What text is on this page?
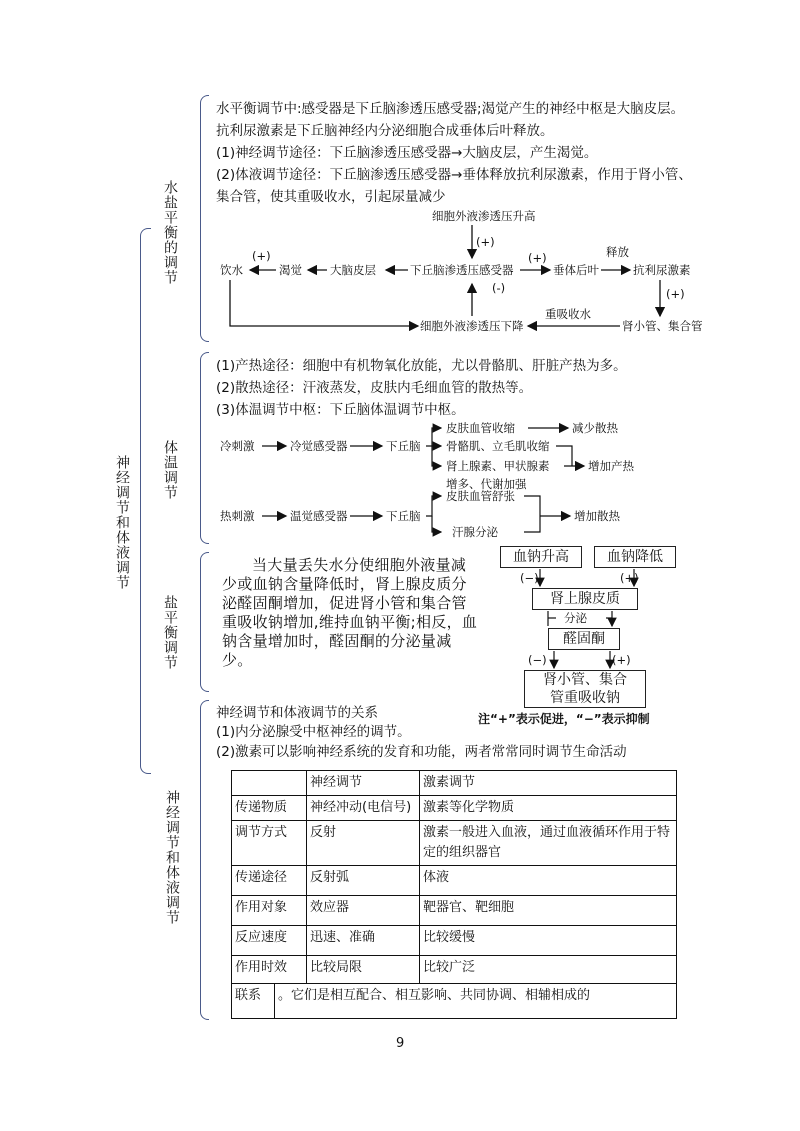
神经调节和体液调节
水盐平衡的调节
体温调节
盐平衡调节
神经调节和体液调节
水平衡调节中:感受器是下丘脑渗透压感受器;渴觉产生的神经中枢是大脑皮层。
抗利尿激素是下丘脑神经内分泌细胞合成垂体后叶释放。
(1)神经调节途径：下丘脑渗透压感受器→大脑皮层，产生渴觉。
(2)体液调节途径：下丘脑渗透压感受器→垂体释放抗利尿激素，作用于肾小管、
集合管，使其重吸收水，引起尿量减少
细胞外液渗透压升高
(+)
饮水
(+)
渴觉 大脑皮层	下丘脑渗透压感受器
(+)
垂体后叶
释放
抗利尿激素
(+)
重吸收水
(-)
肾小管、集合管
细胞外液渗透压下降
(1)产热途径：细胞中有机物氧化放能，尤以骨骼肌、肝脏产热为多。
(2)散热途径：汗液蒸发，皮肤内毛细血管的散热等。
(3)体温调节中枢：下丘脑体温调节中枢。
冷刺激	冷觉感受器	下丘脑
皮肤血管收缩	减少散热
骨骼肌、立毛肌收缩
肾上腺素、甲状腺素
增多、代谢加强
增加产热
热刺激	温觉感受器	下丘脑
皮肤血管舒张
汗腺分泌
增加散热
当大量丢失水分使细胞外液量减少或血钠含量降低时，肾上腺皮质分泌醛固酮增加，促进肾小管和集合管重吸收钠增加,维持血钠平衡;相反，血钠含量增加时，醛固酮的分泌量减少。
血钠升高	血钠降低
肾上腺皮质
醛固酮
肾小管、集合
管重吸收钠
(−)	(+)
分泌
(−)	(+)
注“+”表示促进，“−”表示抑制
神经调节和体液调节的关系
(1)内分泌腺受中枢神经的调节。
(2)激素可以影响神经系统的发育和功能，两者常常同时调节生命活动
	神经调节	激素调节
传递物质	神经冲动(电信号)	激素等化学物质
调节方式	反射	激素一般进入血液，通过血液循环作用于特定的组织器官
传递途径	反射弧	体液
作用对象	效应器	靶器官、靶细胞
反应速度	迅速、准确	比较缓慢
作用时效	比较局限	比较广泛

联系 。它们是相互配合、相互影响、共同协调、相辅相成的		
9
